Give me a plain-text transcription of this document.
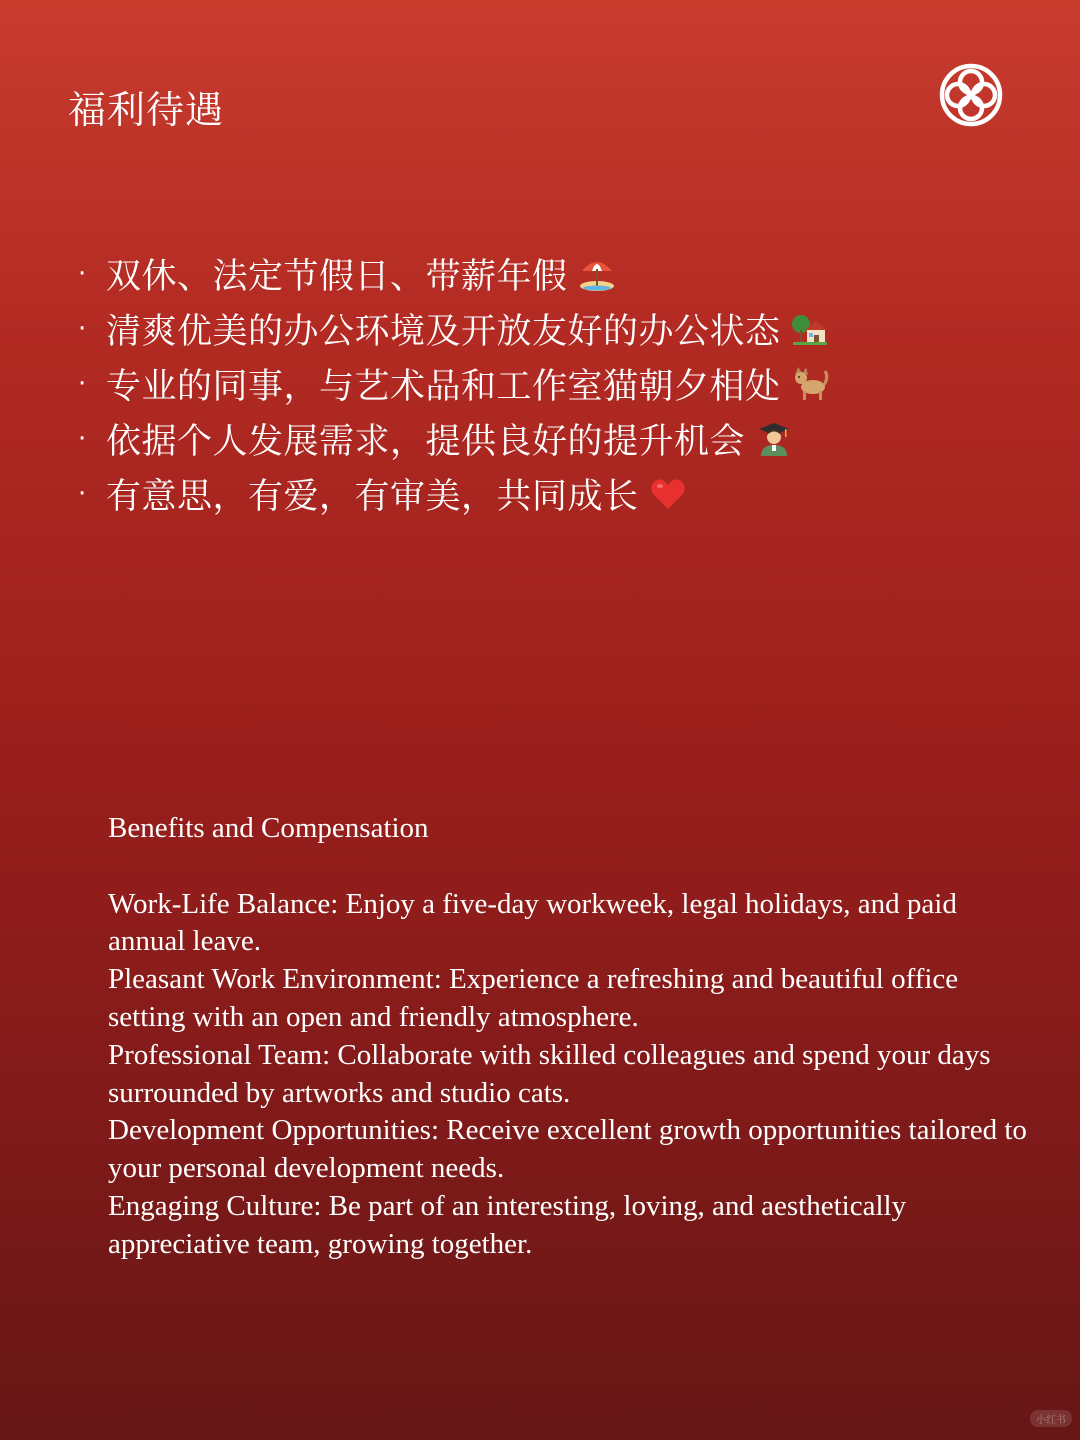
福利待遇
· 双休、法定节假日、带薪年假
· 清爽优美的办公环境及开放友好的办公状态
· 专业的同事，与艺术品和工作室猫朝夕相处
· 依据个人发展需求，提供良好的提升机会
· 有意思，有爱，有审美，共同成长

Benefits and Compensation

Work-Life Balance: Enjoy a five-day workweek, legal holidays, and paid annual leave.

Pleasant Work Environment: Experience a refreshing and beautiful office setting with an open and friendly atmosphere.

Professional Team: Collaborate with skilled colleagues and spend your days surrounded by artworks and studio cats.

Development Opportunities: Receive excellent growth opportunities tailored to your personal development needs.

Engaging Culture: Be part of an interesting, loving, and aesthetically appreciative team, growing together.

小红书
